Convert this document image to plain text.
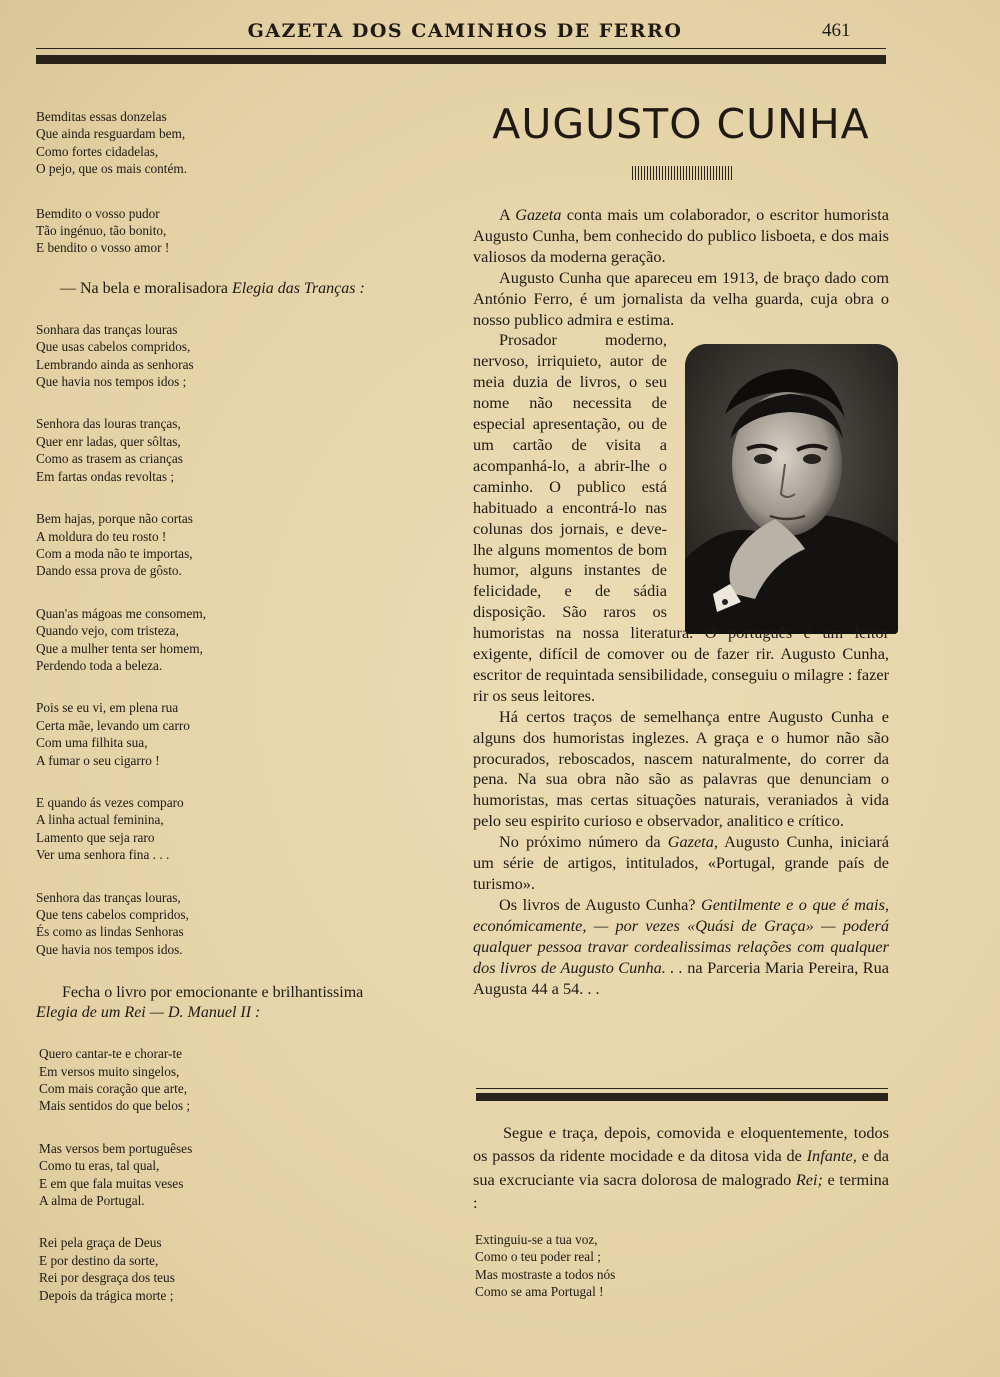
GAZETA DOS CAMINHOS DE FERRO	461
Bemditas essas donzelas
Que ainda resguardam bem,
Como fortes cidadelas,
O pejo, que os mais contém.
Bemdito o vosso pudor
Tão ingénuo, tão bonito,
E bendito o vosso amor !
— Na bela e moralisadora Elegia das Tranças :
Sonhara das tranças louras
Que usas cabelos compridos,
Lembrando ainda as senhoras
Que havia nos tempos idos ;
Senhora das louras tranças,
Quer enr ladas, quer sôltas,
Como as trasem as crianças
Em fartas ondas revoltas ;
Bem hajas, porque não cortas
A moldura do teu rosto !
Com a moda não te importas,
Dando essa prova de gôsto.
Quan'as mágoas me consomem,
Quando vejo, com tristeza,
Que a mulher tenta ser homem,
Perdendo toda a beleza.
Pois se eu vi, em plena rua
Certa mãe, levando um carro
Com uma filhita sua,
A fumar o seu cigarro !
E quando ás vezes comparo
A linha actual feminina,
Lamento que seja raro
Ver uma senhora fina . . .
Senhora das tranças louras,
Que tens cabelos compridos,
És como as lindas Senhoras
Que havia nos tempos idos.
Fecha o livro por emocionante e brilhantissima
Elegia de um Rei — D. Manuel II :
Quero cantar-te e chorar-te
Em versos muito singelos,
Com mais coração que arte,
Mais sentidos do que belos ;
Mas versos bem portuguêses
Como tu eras, tal qual,
E em que fala muitas veses
A alma de Portugal.
Rei pela graça de Deus
E por destino da sorte,
Rei por desgraça dos teus
Depois da trágica morte ;
AUGUSTO CUNHA

A Gazeta conta mais um colaborador, o escritor humorista Augusto Cunha, bem conhecido do publico lisboeta, e dos mais valiosos da moderna geração.

Augusto Cunha que apareceu em 1913, de braço dado com António Ferro, é um jornalista da velha guarda, cuja obra o nosso publico admira e estima.

Prosador moderno, nervoso, irriquieto, autor de meia duzia de livros, o seu nome não necessita de especial apresentação, ou de um cartão de visita a acompanhá-lo, a abrir-lhe o caminho. O publico está habituado a encontrá-lo nas colunas dos jornais, e deve-lhe alguns momentos de bom humor, alguns instantes de felicidade, e de sádia disposição. São raros os humoristas na nossa literatura. O português é um leitor exigente, difícil de comover ou de fazer rir. Augusto Cunha, escritor de requintada sensibilidade, conseguiu o milagre : fazer rir os seus leitores.

Há certos traços de semelhança entre Augusto Cunha e alguns dos humoristas inglezes. A graça e o humor não são procurados, reboscados, nascem naturalmente, do correr da pena. Na sua obra não são as palavras que denunciam o humoristas, mas certas situações naturais, veraniados à vida pelo seu espirito curioso e observador, analitico e crítico.

No próximo número da Gazeta, Augusto Cunha, iniciará um série de artigos, intitulados, «Portugal, grande país de turismo».

Os livros de Augusto Cunha? Gentilmente e o que é mais, económicamente, — por vezes «Quási de Graça» — poderá qualquer pessoa travar cordealissimas relações com qualquer dos livros de Augusto Cunha. . . na Parceria Maria Pereira, Rua Augusta 44 a 54. . .

Segue e traça, depois, comovida e eloquentemente, todos os passos da ridente mocidade e da ditosa vida de Infante, e da sua excruciante via sacra dolorosa de malogrado Rei; e termina :

Extinguiu-se a tua voz,
Como o teu poder real ;
Mas mostraste a todos nós
Como se ama Portugal !
